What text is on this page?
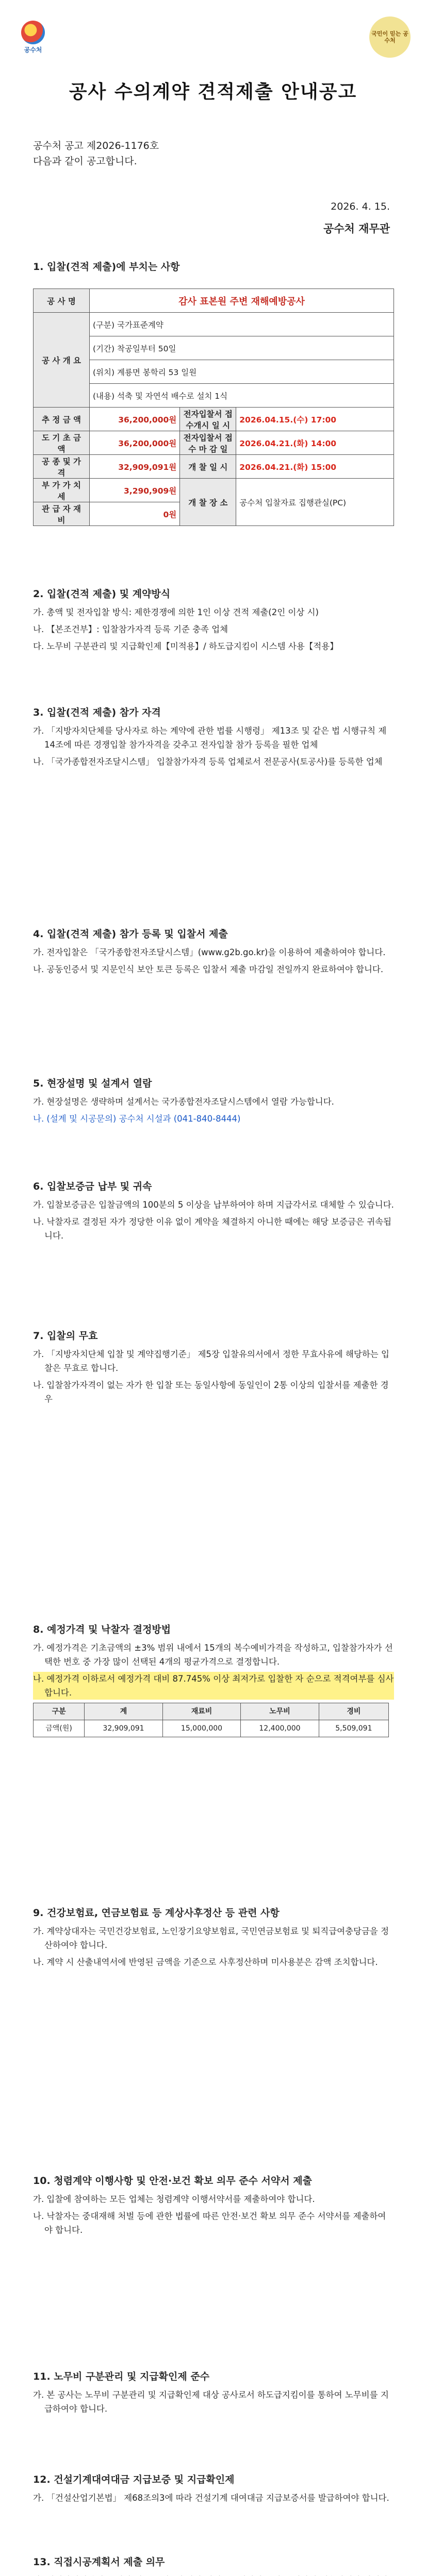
공수처
국민이 믿는 공수처
공사 수의계약 견적제출 안내공고
공수처 공고 제2026-1176호
다음과 같이 공고합니다.
2026. 4. 15.
공수처 재무관
1. 입찰(견적 제출)에 부치는 사항
공 사 명	감사 표본원 주변 재해예방공사		
공 사 개 요	(구분) 국가표준계약		
	(기간) 착공일부터 50일		
	(위치) 계룡면 봉학리 53 일원		
	(내용) 석축 및 자연석 배수로 설치 1식		
추 정 금 액	36,200,000원	전자입찰서 접수개시 일 시	2026.04.15.(수) 17:00
도 기 초 금 액	36,200,000원	전자입찰서 접수 마 감 일	2026.04.21.(화) 14:00
공 종 및 가 격	32,909,091원	개 찰 일 시	2026.04.21.(화) 15:00
부 가 가 치 세	3,290,909원	개 찰 장 소	공수처 입찰자료 집행관실(PC)
관 급 자 재 비	0원		
2. 입찰(견적 제출) 및 계약방식

가. 총액 및 전자입찰 방식: 제한경쟁에 의한 1인 이상 견적 제출(2인 이상 시)

나. 【본조건부】: 입찰참가자격 등록 기준 충족 업체

다. 노무비 구분관리 및 지급확인제【미적용】/ 하도급지킴이 시스템 사용【적용】

3. 입찰(견적 제출) 참가 자격

가. 「지방자치단체를 당사자로 하는 계약에 관한 법률 시행령」 제13조 및 같은 법 시행규칙 제14조에 따른 경쟁입찰 참가자격을 갖추고 전자입찰 참가 등록을 필한 업체

나. 「국가종합전자조달시스템」 입찰참가자격 등록 업체로서 전문공사(토공사)를 등록한 업체

4. 입찰(견적 제출) 참가 등록 및 입찰서 제출

가. 전자입찰은 「국가종합전자조달시스템」(www.g2b.go.kr)을 이용하여 제출하여야 합니다.

나. 공동인증서 및 지문인식 보안 토큰 등록은 입찰서 제출 마감일 전일까지 완료하여야 합니다.

5. 현장설명 및 설계서 열람

가. 현장설명은 생략하며 설계서는 국가종합전자조달시스템에서 열람 가능합니다.

나. (설계 및 시공문의) 공수처 시설과 (041-840-8444)

6. 입찰보증금 납부 및 귀속

가. 입찰보증금은 입찰금액의 100분의 5 이상을 납부하여야 하며 지급각서로 대체할 수 있습니다.

나. 낙찰자로 결정된 자가 정당한 이유 없이 계약을 체결하지 아니한 때에는 해당 보증금은 귀속됩니다.

7. 입찰의 무효

가. 「지방자치단체 입찰 및 계약집행기준」 제5장 입찰유의서에서 정한 무효사유에 해당하는 입찰은 무효로 합니다.

나. 입찰참가자격이 없는 자가 한 입찰 또는 동일사항에 동일인이 2통 이상의 입찰서를 제출한 경우

8. 예정가격 및 낙찰자 결정방법

가. 예정가격은 기초금액의 ±3% 범위 내에서 15개의 복수예비가격을 작성하고, 입찰참가자가 선택한 번호 중 가장 많이 선택된 4개의 평균가격으로 결정합니다.

나. 예정가격 이하로서 예정가격 대비 87.745% 이상 최저가로 입찰한 자 순으로 적격여부를 심사합니다.

구분	계	재료비	노무비	경비
금액(원)	32,909,091	15,000,000	12,400,000	5,509,091
9. 건강보험료, 연금보험료 등 계상사후정산 등 관련 사항

가. 계약상대자는 국민건강보험료, 노인장기요양보험료, 국민연금보험료 및 퇴직급여충당금을 정산하여야 합니다.

나. 계약 시 산출내역서에 반영된 금액을 기준으로 사후정산하며 미사용분은 감액 조치합니다.

10. 청렴계약 이행사항 및 안전·보건 확보 의무 준수 서약서 제출

가. 입찰에 참여하는 모든 업체는 청렴계약 이행서약서를 제출하여야 합니다.

나. 낙찰자는 중대재해 처벌 등에 관한 법률에 따른 안전·보건 확보 의무 준수 서약서를 제출하여야 합니다.

11. 노무비 구분관리 및 지급확인제 준수

가. 본 공사는 노무비 구분관리 및 지급확인제 대상 공사로서 하도급지킴이를 통하여 노무비를 지급하여야 합니다.

12. 건설기계대여대금 지급보증 및 지급확인제

가. 「건설산업기본법」 제68조의3에 따라 건설기계 대여대금 지급보증서를 발급하여야 합니다.

13. 직접시공계획서 제출 의무
